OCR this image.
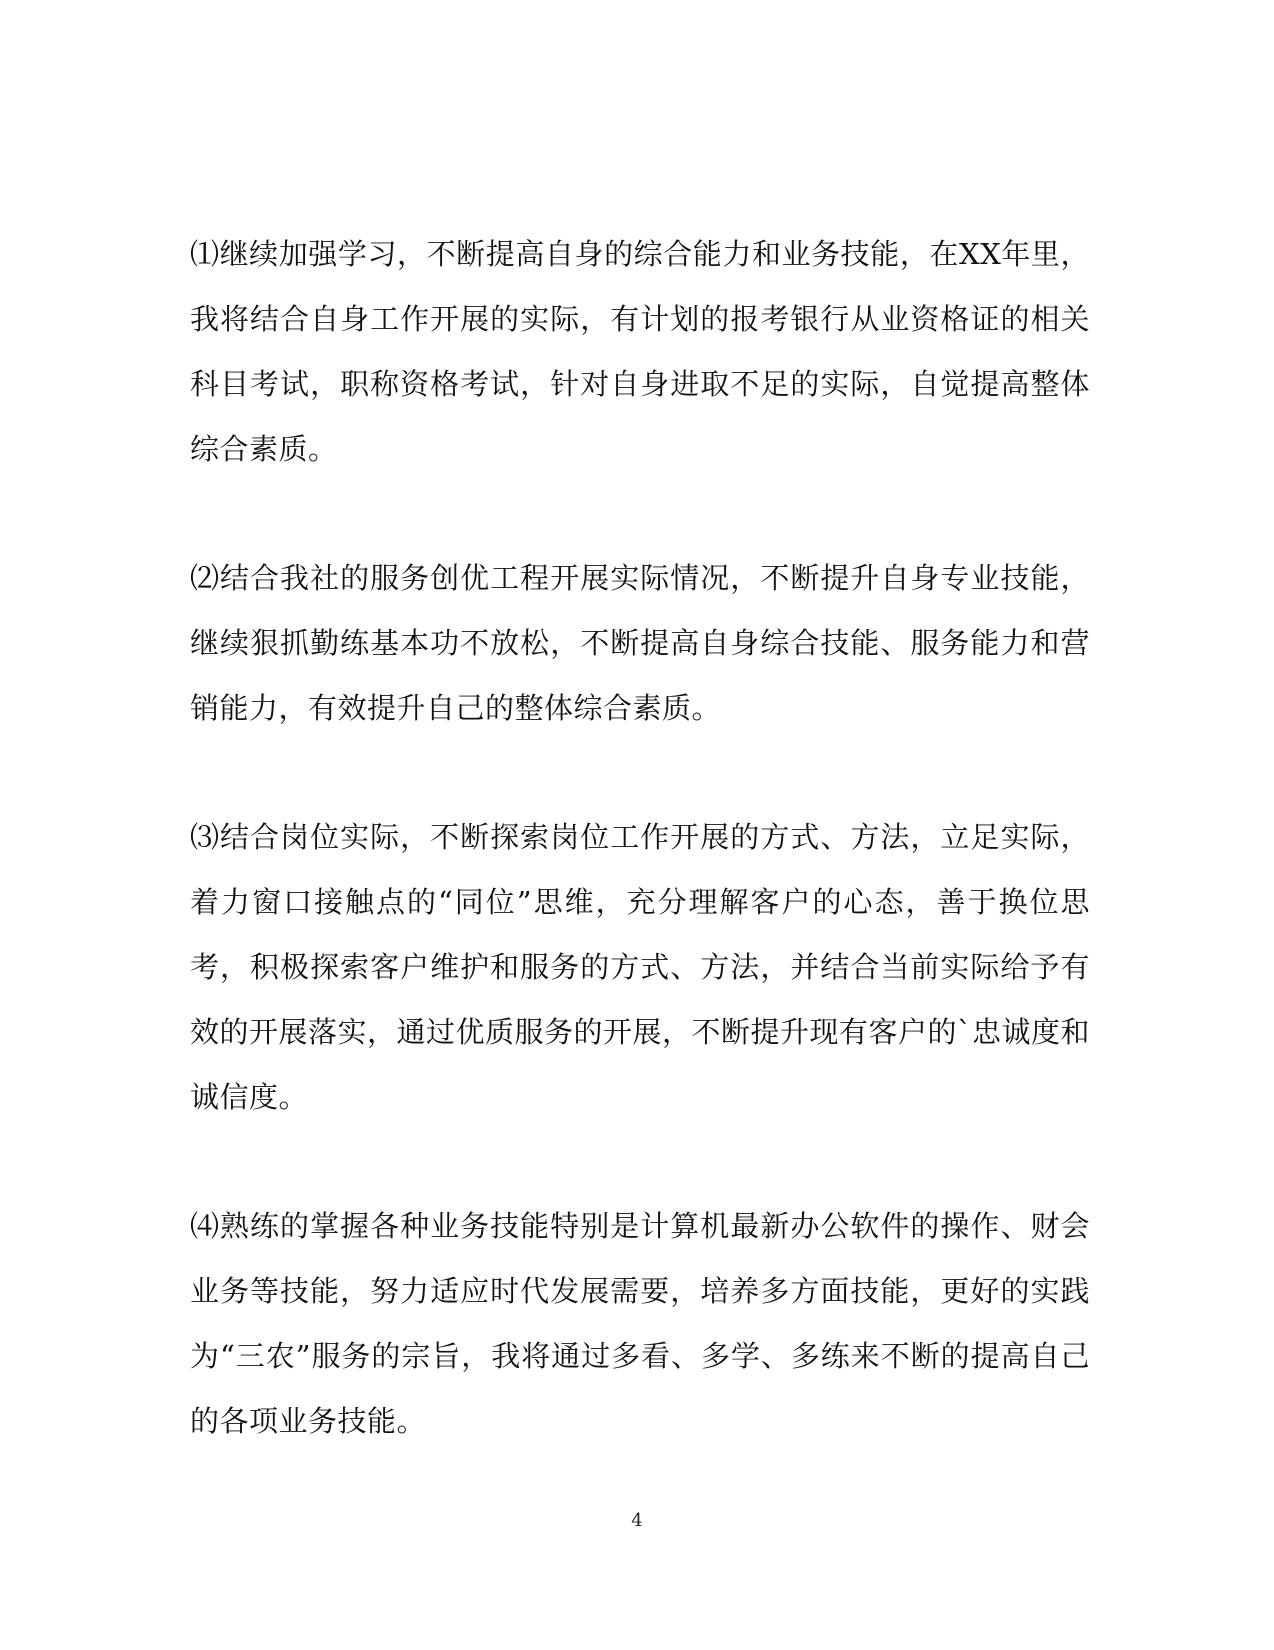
⑴继续加强学习，不断提高自身的综合能力和业务技能，在XX年里，我将结合自身工作开展的实际，有计划的报考银行从业资格证的相关科目考试，职称资格考试，针对自身进取不足的实际，自觉提高整体综合素质。

⑵结合我社的服务创优工程开展实际情况，不断提升自身专业技能，继续狠抓勤练基本功不放松，不断提高自身综合技能、服务能力和营销能力，有效提升自己的整体综合素质。

⑶结合岗位实际，不断探索岗位工作开展的方式、方法，立足实际，着力窗口接触点的“同位”思维，充分理解客户的心态，善于换位思考，积极探索客户维护和服务的方式、方法，并结合当前实际给予有效的开展落实，通过优质服务的开展，不断提升现有客户的`忠诚度和诚信度。

⑷熟练的掌握各种业务技能特别是计算机最新办公软件的操作、财会业务等技能，努力适应时代发展需要，培养多方面技能，更好的实践为“三农”服务的宗旨，我将通过多看、多学、多练来不断的提高自己的各项业务技能。

4
